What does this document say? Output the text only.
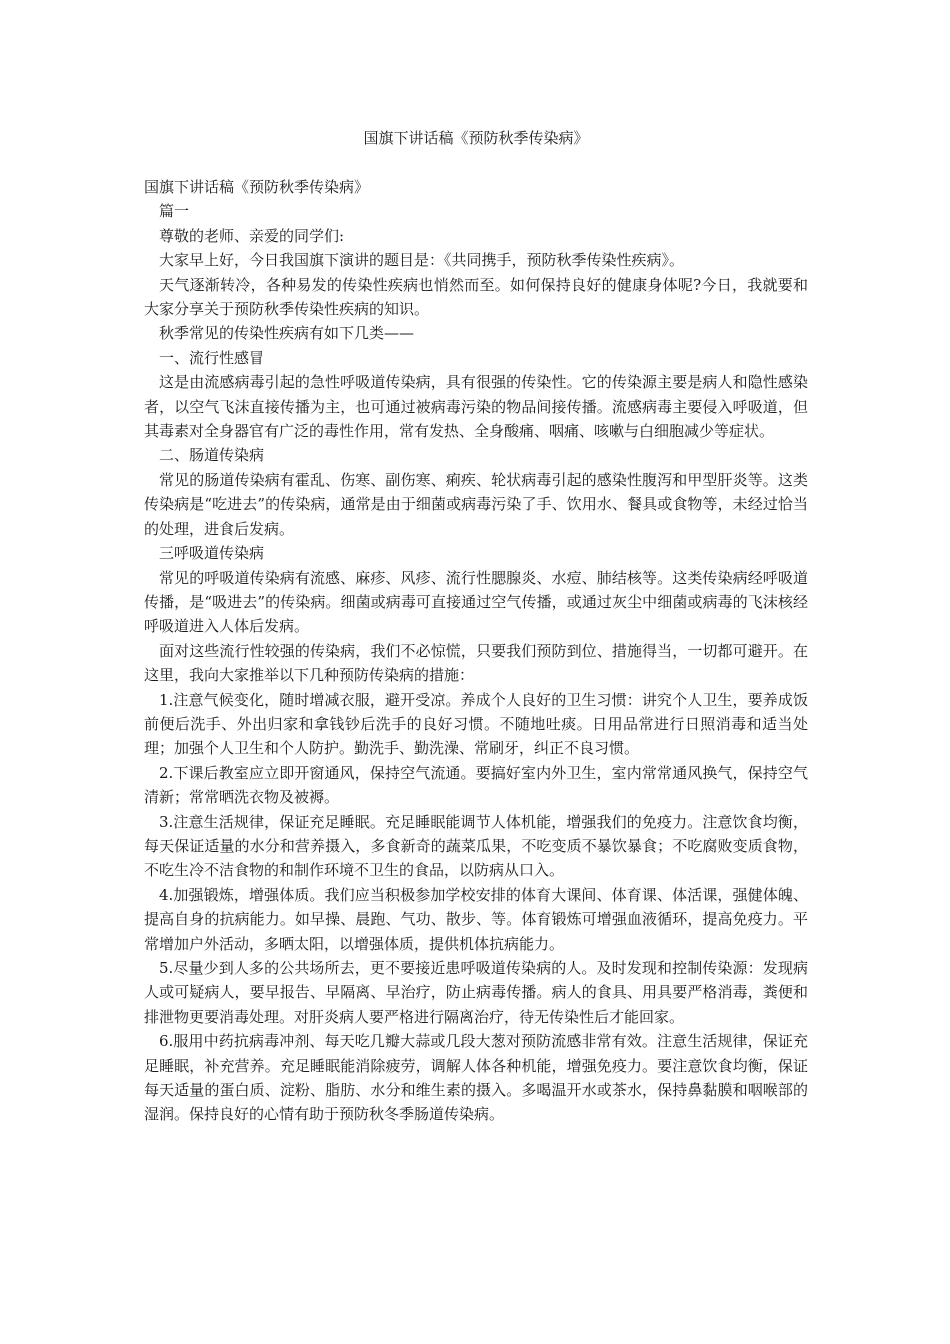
国旗下讲话稿《预防秋季传染病》

国旗下讲话稿《预防秋季传染病》

篇一

尊敬的老师、亲爱的同学们:

大家早上好，今日我国旗下演讲的题目是：《共同携手，预防秋季传染性疾病》。

天气逐渐转冷，各种易发的传染性疾病也悄然而至。如何保持良好的健康身体呢?今日，我就要和大家分享关于预防秋季传染性疾病的知识。

秋季常见的传染性疾病有如下几类——

一、流行性感冒

这是由流感病毒引起的急性呼吸道传染病，具有很强的传染性。它的传染源主要是病人和隐性感染者，以空气飞沫直接传播为主，也可通过被病毒污染的物品间接传播。流感病毒主要侵入呼吸道，但其毒素对全身器官有广泛的毒性作用，常有发热、全身酸痛、咽痛、咳嗽与白细胞减少等症状。

二、肠道传染病

常见的肠道传染病有霍乱、伤寒、副伤寒、痢疾、轮状病毒引起的感染性腹泻和甲型肝炎等。这类传染病是“吃进去”的传染病，通常是由于细菌或病毒污染了手、饮用水、餐具或食物等，未经过恰当的处理，进食后发病。

三呼吸道传染病

常见的呼吸道传染病有流感、麻疹、风疹、流行性腮腺炎、水痘、肺结核等。这类传染病经呼吸道传播，是“吸进去”的传染病。细菌或病毒可直接通过空气传播，或通过灰尘中细菌或病毒的飞沫核经呼吸道进入人体后发病。

面对这些流行性较强的传染病，我们不必惊慌，只要我们预防到位、措施得当，一切都可避开。在这里，我向大家推举以下几种预防传染病的措施：

1.注意气候变化，随时增减衣服，避开受凉。养成个人良好的卫生习惯：讲究个人卫生，要养成饭前便后洗手、外出归家和拿钱钞后洗手的良好习惯。不随地吐痰。日用品常进行日照消毒和适当处理；加强个人卫生和个人防护。勤洗手、勤洗澡、常刷牙，纠正不良习惯。

2.下课后教室应立即开窗通风，保持空气流通。要搞好室内外卫生，室内常常通风换气，保持空气清新；常常晒洗衣物及被褥。

3.注意生活规律，保证充足睡眠。充足睡眠能调节人体机能，增强我们的免疫力。注意饮食均衡，每天保证适量的水分和营养摄入，多食新奇的蔬菜瓜果，不吃变质不暴饮暴食；不吃腐败变质食物，不吃生冷不洁食物的和制作环境不卫生的食品，以防病从口入。

4.加强锻炼，增强体质。我们应当积极参加学校安排的体育大课间、体育课、体活课，强健体魄、提高自身的抗病能力。如早操、晨跑、气功、散步、等。体育锻炼可增强血液循环，提高免疫力。平常增加户外活动，多晒太阳，以增强体质，提供机体抗病能力。

5.尽量少到人多的公共场所去，更不要接近患呼吸道传染病的人。及时发现和控制传染源：发现病人或可疑病人，要早报告、早隔离、早治疗，防止病毒传播。病人的食具、用具要严格消毒，粪便和排泄物更要消毒处理。对肝炎病人要严格进行隔离治疗，待无传染性后才能回家。

6.服用中药抗病毒冲剂、每天吃几瓣大蒜或几段大葱对预防流感非常有效。注意生活规律，保证充足睡眠，补充营养。充足睡眠能消除疲劳，调解人体各种机能，增强免疫力。要注意饮食均衡，保证每天适量的蛋白质、淀粉、脂肪、水分和维生素的摄入。多喝温开水或茶水，保持鼻黏膜和咽喉部的湿润。保持良好的心情有助于预防秋冬季肠道传染病。
